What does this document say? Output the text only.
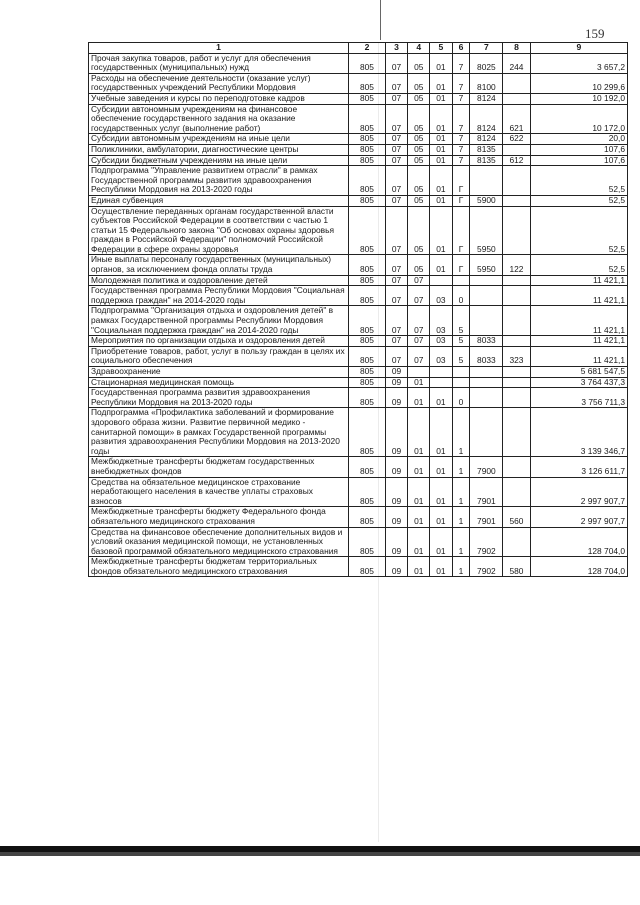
159
1	2	3	4	5	6	7	8	9
Прочая закупка товаров, работ и услуг для обеспечения государственных (муниципальных) нужд	805	07	05	01	7	8025	244	3 657,2
Расходы на обеспечение деятельности (оказание услуг) государственных учреждений Республики Мордовия	805	07	05	01	7	8100		10 299,6
Учебные заведения и курсы по переподготовке кадров	805	07	05	01	7	8124		10 192,0
Субсидии автономным учреждениям на финансовое обеспечение государственного задания на оказание государственных услуг (выполнение работ)	805	07	05	01	7	8124	621	10 172,0
Субсидии автономным учреждениям на иные цели	805	07	05	01	7	8124	622	20,0
Поликлиники, амбулатории, диагностические центры	805	07	05	01	7	8135		107,6
Субсидии бюджетным учреждениям на иные цели	805	07	05	01	7	8135	612	107,6
Подпрограмма "Управление развитием отрасли" в рамках Государственной программы развития здравоохранения Республики Мордовия на 2013-2020 годы	805	07	05	01	Г			52,5
Единая субвенция	805	07	05	01	Г	5900		52,5
Осуществление переданных органам государственной власти субъектов Российской Федерации в соответствии с частью 1 статьи 15 Федерального закона "Об основах охраны здоровья граждан в Российской Федерации" полномочий Российской Федерации в сфере охраны здоровья	805	07	05	01	Г	5950		52,5
Иные выплаты персоналу государственных (муниципальных) органов, за исключением фонда оплаты труда	805	07	05	01	Г	5950	122	52,5
Молодежная политика и оздоровление детей	805	07	07					11 421,1
Государственная программа Республики Мордовия "Социальная поддержка граждан" на 2014-2020 годы	805	07	07	03	0			11 421,1
Подпрограмма "Организация отдыха и оздоровления детей" в рамках Государственной программы Республики Мордовия "Социальная поддержка граждан" на 2014-2020 годы	805	07	07	03	5			11 421,1
Мероприятия по организации отдыха и оздоровления детей	805	07	07	03	5	8033		11 421,1
Приобретение товаров, работ, услуг в пользу граждан в целях их социального обеспечения	805	07	07	03	5	8033	323	11 421,1
Здравоохранение	805	09						5 681 547,5
Стационарная медицинская помощь	805	09	01					3 764 437,3
Государственная программа развития здравоохранения Республики Мордовия на 2013-2020 годы	805	09	01	01	0			3 756 711,3
Подпрограмма «Профилактика заболеваний и формирование здорового образа жизни. Развитие первичной медико - санитарной помощи» в рамках Государственной программы развития здравоохранения Республики Мордовия на 2013-2020 годы	805	09	01	01	1			3 139 346,7
Межбюджетные трансферты бюджетам государственных внебюджетных фондов	805	09	01	01	1	7900		3 126 611,7
Средства на обязательное медицинское страхование неработающего населения в качестве уплаты страховых взносов	805	09	01	01	1	7901		2 997 907,7
Межбюджетные трансферты бюджету Федерального фонда обязательного медицинского страхования	805	09	01	01	1	7901	560	2 997 907,7
Средства на финансовое обеспечение дополнительных видов и условий оказания медицинской помощи, не установленных базовой программой обязательного медицинского страхования	805	09	01	01	1	7902		128 704,0
Межбюджетные трансферты бюджетам территориальных фондов обязательного медицинского страхования	805	09	01	01	1	7902	580	128 704,0
